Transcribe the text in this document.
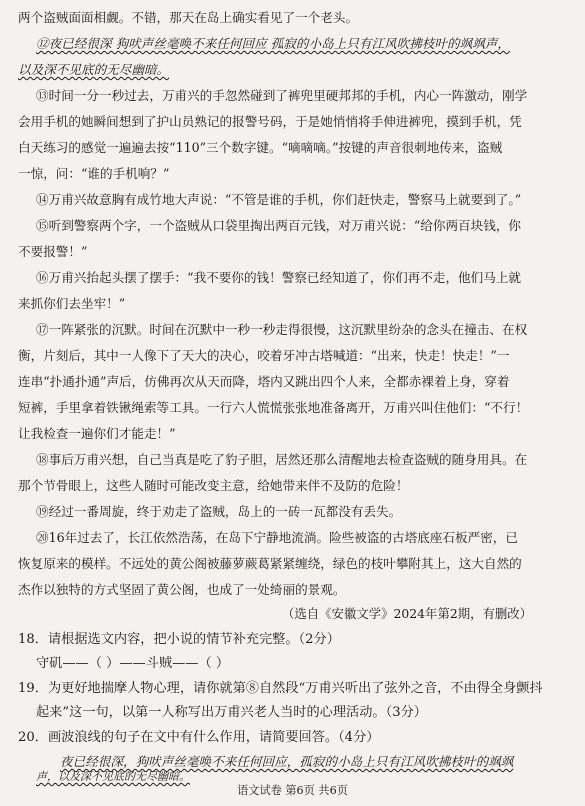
两个盗贼面面相觑。不错，那天在岛上确实看见了一个老头。
⑫夜已经很深 狗吠声丝毫唤不来任何回应 孤寂的小岛上只有江风吹拂枝叶的飒飒声，
以及深不见底的无尽幽暗。
⑬时间一分一秒过去，万甫兴的手忽然碰到了裤兜里硬邦邦的手机，内心一阵激动，刚学
会用手机的她瞬间想到了护山员熟记的报警号码，于是她悄悄将手伸进裤兜，摸到手机，凭
白天练习的感觉一遍遍去按“110”三个数字键。“嘀嘀嘀。”按键的声音很刺地传来，盗贼
一惊，问：“谁的手机响？”
⑭万甫兴故意胸有成竹地大声说：“不管是谁的手机，你们赶快走，警察马上就要到了。”
⑮听到警察两个字，一个盗贼从口袋里掏出两百元钱，对万甫兴说：“给你两百块钱，你
不要报警！”
⑯万甫兴抬起头摆了摆手：“我不要你的钱！警察已经知道了，你们再不走，他们马上就
来抓你们去坐牢！”
⑰一阵紧张的沉默。时间在沉默中一秒一秒走得很慢，这沉默里纷杂的念头在撞击、在权
衡，片刻后，其中一人像下了天大的决心，咬着牙冲古塔喊道：“出来，快走！快走！”一
连串“扑通扑通”声后，仿佛再次从天而降，塔内又跳出四个人来，全都赤裸着上身，穿着
短裤，手里拿着铁锹绳索等工具。一行六人慌慌张张地准备离开，万甫兴叫住他们：“不行！
让我检查一遍你们才能走！”
⑱事后万甫兴想，自己当真是吃了豹子胆，居然还那么清醒地去检查盗贼的随身用具。在
那个节骨眼上，这些人随时可能改变主意，给她带来伴不及防的危险！
⑲经过一番周旋，终于劝走了盗贼，岛上的一砖一瓦都没有丢失。
⑳16年过去了，长江依然浩荡，在岛下宁静地流淌。险些被盗的古塔底座石板严密，已
恢复原来的模样。不远处的黄公阁被藤萝蕨葛紧紧缠绕，绿色的枝叶攀附其上，这大自然的
杰作以独特的方式坚固了黄公阁，也成了一处绮丽的景观。
（选自《安徽文学》2024年第2期，有删改）
18．请根据选文内容，把小说的情节补充完整。（2分）
守矶——（ ）——斗贼——（ ）
19．为更好地揣摩人物心理，请你就第⑧自然段“万甫兴听出了弦外之音，不由得全身颤抖
起来”这一句，以第一人称写出万甫兴老人当时的心理活动。（3分）
20．画波浪线的句子在文中有什么作用，请简要回答。（4分）
夜已经很深，狗吠声丝毫唤不来任何回应，孤寂的小岛上只有江风吹拂枝叶的飒飒
声，以及深不见底的无尽幽暗。
语文试卷 第6页 共6页
